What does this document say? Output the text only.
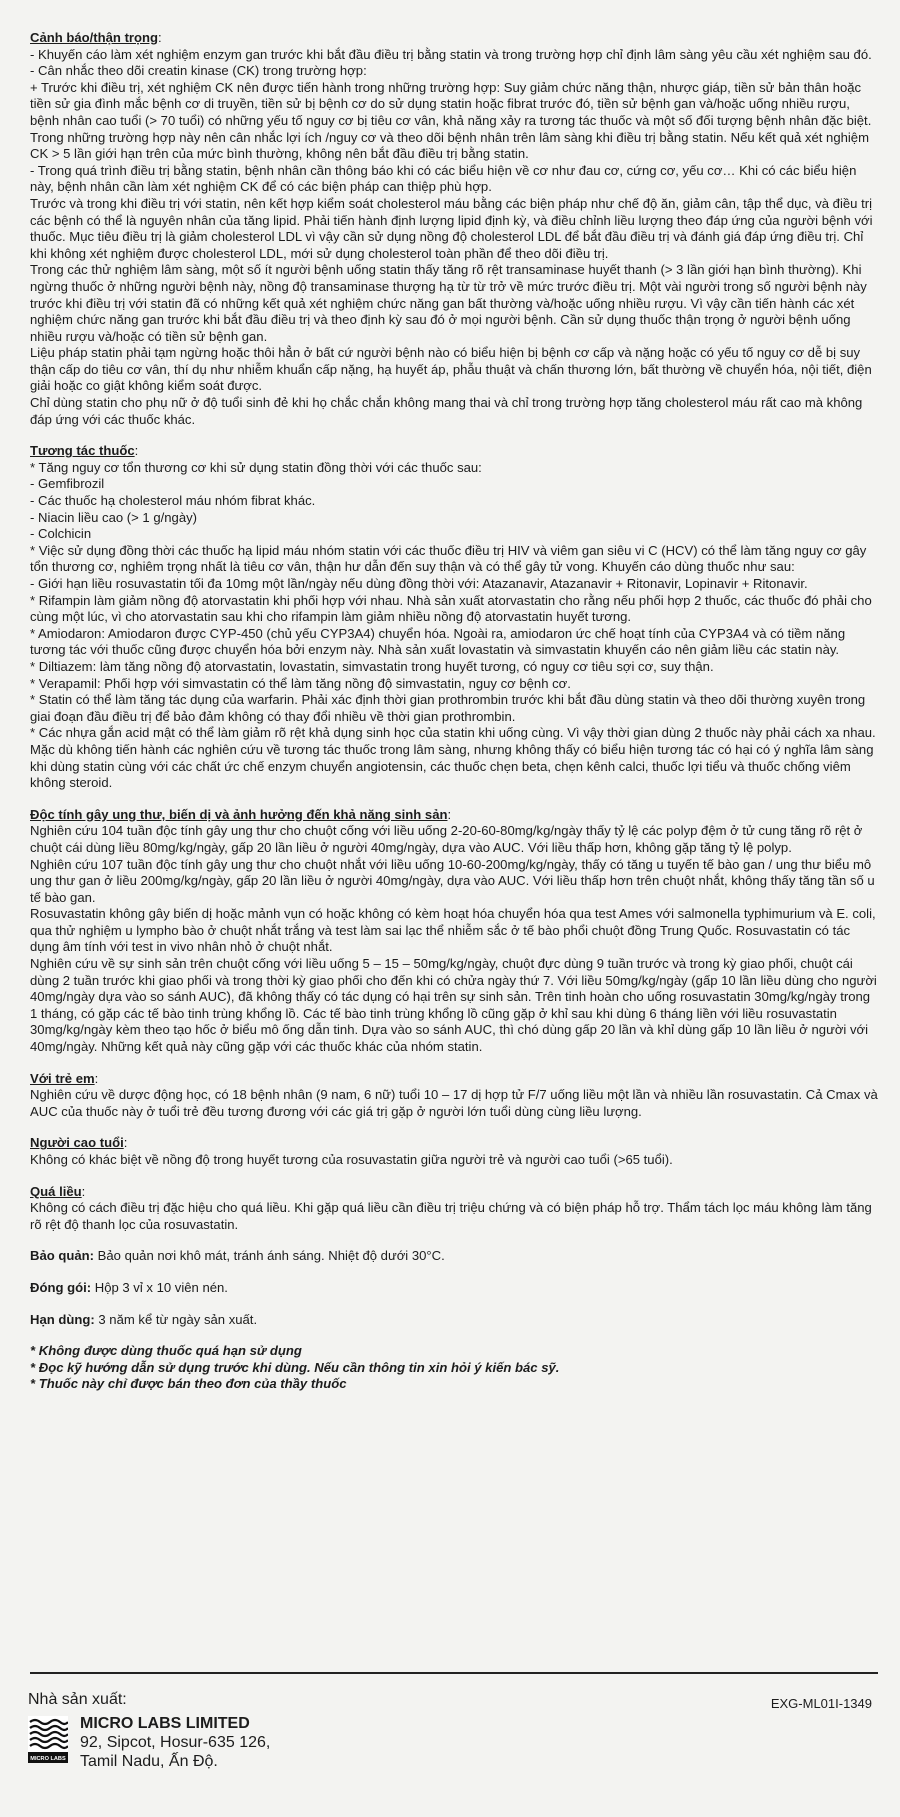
Cảnh báo/thận trọng:
- Khuyến cáo làm xét nghiệm enzym gan trước khi bắt đầu điều trị bằng statin và trong trường hợp chỉ định lâm sàng yêu cầu xét nghiệm sau đó.
- Cân nhắc theo dõi creatin kinase (CK) trong trường hợp:
+ Trước khi điều trị, xét nghiệm CK nên được tiến hành trong những trường hợp: Suy giảm chức năng thận, nhược giáp, tiền sử bản thân hoặc tiền sử gia đình mắc bệnh cơ di truyền, tiền sử bị bệnh cơ do sử dụng statin hoặc fibrat trước đó, tiền sử bệnh gan và/hoặc uống nhiều rượu, bệnh nhân cao tuổi (> 70 tuổi) có những yếu tố nguy cơ bị tiêu cơ vân, khả năng xảy ra tương tác thuốc và một số đối tượng bệnh nhân đặc biệt. Trong những trường hợp này nên cân nhắc lợi ích /nguy cơ và theo dõi bệnh nhân trên lâm sàng khi điều trị bằng statin. Nếu kết quả xét nghiệm CK > 5 lần giới hạn trên của mức bình thường, không nên bắt đầu điều trị bằng statin.
- Trong quá trình điều trị bằng statin, bệnh nhân cần thông báo khi có các biểu hiện về cơ như đau cơ, cứng cơ, yếu cơ… Khi có các biểu hiện này, bệnh nhân cần làm xét nghiệm CK để có các biện pháp can thiệp phù hợp.
Trước và trong khi điều trị với statin, nên kết hợp kiểm soát cholesterol máu bằng các biện pháp như chế độ ăn, giảm cân, tập thể dục, và điều trị các bệnh có thể là nguyên nhân của tăng lipid. Phải tiến hành định lượng lipid định kỳ, và điều chỉnh liều lượng theo đáp ứng của người bệnh với thuốc. Mục tiêu điều trị là giảm cholesterol LDL vì vậy cần sử dụng nồng độ cholesterol LDL để bắt đầu điều trị và đánh giá đáp ứng điều trị. Chỉ khi không xét nghiệm được cholesterol LDL, mới sử dụng cholesterol toàn phần để theo dõi điều trị.
Trong các thử nghiệm lâm sàng, một số ít người bệnh uống statin thấy tăng rõ rệt transaminase huyết thanh (> 3 lần giới hạn bình thường). Khi ngừng thuốc ở những người bệnh này, nồng độ transaminase thượng hạ từ từ trở về mức trước điều trị. Một vài người trong số người bệnh này trước khi điều trị với statin đã có những kết quả xét nghiệm chức năng gan bất thường và/hoặc uống nhiều rượu. Vì vậy cần tiến hành các xét nghiệm chức năng gan trước khi bắt đầu điều trị và theo định kỳ sau đó ở mọi người bệnh. Cần sử dụng thuốc thận trọng ở người bệnh uống nhiều rượu và/hoặc có tiền sử bệnh gan.
Liệu pháp statin phải tạm ngừng hoặc thôi hẳn ở bất cứ người bệnh nào có biểu hiện bị bệnh cơ cấp và nặng hoặc có yếu tố nguy cơ dễ bị suy thận cấp do tiêu cơ vân, thí dụ như nhiễm khuẩn cấp nặng, hạ huyết áp, phẫu thuật và chấn thương lớn, bất thường về chuyển hóa, nội tiết, điện giải hoặc co giật không kiểm soát được.
Chỉ dùng statin cho phụ nữ ở độ tuổi sinh đẻ khi họ chắc chắn không mang thai và chỉ trong trường hợp tăng cholesterol máu rất cao mà không đáp ứng với các thuốc khác.
Tương tác thuốc:
* Tăng nguy cơ tổn thương cơ khi sử dụng statin đồng thời với các thuốc sau:
- Gemfibrozil
- Các thuốc hạ cholesterol máu nhóm fibrat khác.
- Niacin liều cao (> 1 g/ngày)
- Colchicin
* Việc sử dụng đồng thời các thuốc hạ lipid máu nhóm statin với các thuốc điều trị HIV và viêm gan siêu vi C (HCV) có thể làm tăng nguy cơ gây tổn thương cơ, nghiêm trọng nhất là tiêu cơ vân, thận hư dẫn đến suy thận và có thể gây tử vong. Khuyến cáo dùng thuốc như sau:
- Giới hạn liều rosuvastatin tối đa 10mg một lần/ngày nếu dùng đồng thời với: Atazanavir, Atazanavir + Ritonavir, Lopinavir + Ritonavir.
* Rifampin làm giảm nồng độ atorvastatin khi phối hợp với nhau. Nhà sản xuất atorvastatin cho rằng nếu phối hợp 2 thuốc, các thuốc đó phải cho cùng một lúc, vì cho atorvastatin sau khi cho rifampin làm giảm nhiều nồng độ atorvastatin huyết tương.
* Amiodaron: Amiodaron được CYP-450 (chủ yếu CYP3A4) chuyển hóa. Ngoài ra, amiodaron ức chế hoạt tính của CYP3A4 và có tiềm năng tương tác với thuốc cũng được chuyển hóa bởi enzym này. Nhà sản xuất lovastatin và simvastatin khuyến cáo nên giảm liều các statin này.
* Diltiazem: làm tăng nồng độ atorvastatin, lovastatin, simvastatin trong huyết tương, có nguy cơ tiêu sợi cơ, suy thận.
* Verapamil: Phối hợp với simvastatin có thể làm tăng nồng độ simvastatin, nguy cơ bệnh cơ.
* Statin có thể làm tăng tác dụng của warfarin. Phải xác định thời gian prothrombin trước khi bắt đầu dùng statin và theo dõi thường xuyên trong giai đoạn đầu điều trị để bảo đảm không có thay đổi nhiều về thời gian prothrombin.
* Các nhựa gắn acid mật có thể làm giảm rõ rệt khả dụng sinh học của statin khi uống cùng. Vì vậy thời gian dùng 2 thuốc này phải cách xa nhau. Mặc dù không tiến hành các nghiên cứu về tương tác thuốc trong lâm sàng, nhưng không thấy có biểu hiện tương tác có hại có ý nghĩa lâm sàng khi dùng statin cùng với các chất ức chế enzym chuyển angiotensin, các thuốc chẹn beta, chẹn kênh calci, thuốc lợi tiểu và thuốc chống viêm không steroid.
Độc tính gây ung thư, biến dị và ảnh hưởng đến khả năng sinh sản:
Nghiên cứu 104 tuần độc tính gây ung thư cho chuột cống với liều uống 2-20-60-80mg/kg/ngày thấy tỷ lệ các polyp đệm ở tử cung tăng rõ rệt ở chuột cái dùng liều 80mg/kg/ngày, gấp 20 lần liều ở người 40mg/ngày, dựa vào AUC. Với liều thấp hơn, không gặp tăng tỷ lệ polyp.
Nghiên cứu 107 tuần độc tính gây ung thư cho chuột nhắt với liều uống 10-60-200mg/kg/ngày, thấy có tăng u tuyến tế bào gan / ung thư biểu mô ung thư gan ở liều 200mg/kg/ngày, gấp 20 lần liều ở người 40mg/ngày, dựa vào AUC. Với liều thấp hơn trên chuột nhắt, không thấy tăng tần số u tế bào gan.
Rosuvastatin không gây biến dị hoặc mảnh vụn có hoặc không có kèm hoạt hóa chuyển hóa qua test Ames với salmonella typhimurium và E. coli, qua thử nghiệm u lympho bào ở chuột nhắt trắng và test làm sai lạc thể nhiễm sắc ở tế bào phổi chuột đồng Trung Quốc. Rosuvastatin có tác dụng âm tính với test in vivo nhân nhỏ ở chuột nhắt.
Nghiên cứu về sự sinh sản trên chuột cống với liều uống 5 – 15 – 50mg/kg/ngày, chuột đực dùng 9 tuần trước và trong kỳ giao phối, chuột cái dùng 2 tuần trước khi giao phối và trong thời kỳ giao phối cho đến khi có chửa ngày thứ 7. Với liều 50mg/kg/ngày (gấp 10 lần liều dùng cho người 40mg/ngày dựa vào so sánh AUC), đã không thấy có tác dụng có hại trên sự sinh sản. Trên tinh hoàn cho uống rosuvastatin 30mg/kg/ngày trong 1 tháng, có gặp các tế bào tinh trùng khổng lồ. Các tế bào tinh trùng khổng lồ cũng gặp ở khỉ sau khi dùng 6 tháng liền với liều rosuvastatin 30mg/kg/ngày kèm theo tạo hốc ở biểu mô ống dẫn tinh. Dựa vào so sánh AUC, thì chó dùng gấp 20 lần và khỉ dùng gấp 10 lần liều ở người với 40mg/ngày. Những kết quả này cũng gặp với các thuốc khác của nhóm statin.
Với trẻ em:
Nghiên cứu về dược động học, có 18 bệnh nhân (9 nam, 6 nữ) tuổi 10 – 17 dị hợp tử F/7 uống liều một lần và nhiều lần rosuvastatin. Cả Cmax và AUC của thuốc này ở tuổi trẻ đều tương đương với các giá trị gặp ở người lớn tuổi dùng cùng liều lượng.
Người cao tuổi:
Không có khác biệt về nồng độ trong huyết tương của rosuvastatin giữa người trẻ và người cao tuổi (>65 tuổi).
Quá liều:
Không có cách điều trị đặc hiệu cho quá liều. Khi gặp quá liều cần điều trị triệu chứng và có biện pháp hỗ trợ. Thẩm tách lọc máu không làm tăng rõ rệt độ thanh lọc của rosuvastatin.
Bảo quản: Bảo quản nơi khô mát, tránh ánh sáng. Nhiệt độ dưới 30°C.
Đóng gói: Hộp 3 vỉ x 10 viên nén.
Hạn dùng: 3 năm kể từ ngày sản xuất.
* Không được dùng thuốc quá hạn sử dụng
* Đọc kỹ hướng dẫn sử dụng trước khi dùng. Nếu cần thông tin xin hỏi ý kiến bác sỹ.
* Thuốc này chỉ được bán theo đơn của thầy thuốc
Nhà sản xuất:	EXG-ML01I-1349
MICRO LABS
MICRO LABS LIMITED
92, Sipcot, Hosur-635 126,
Tamil Nadu, Ấn Độ.
